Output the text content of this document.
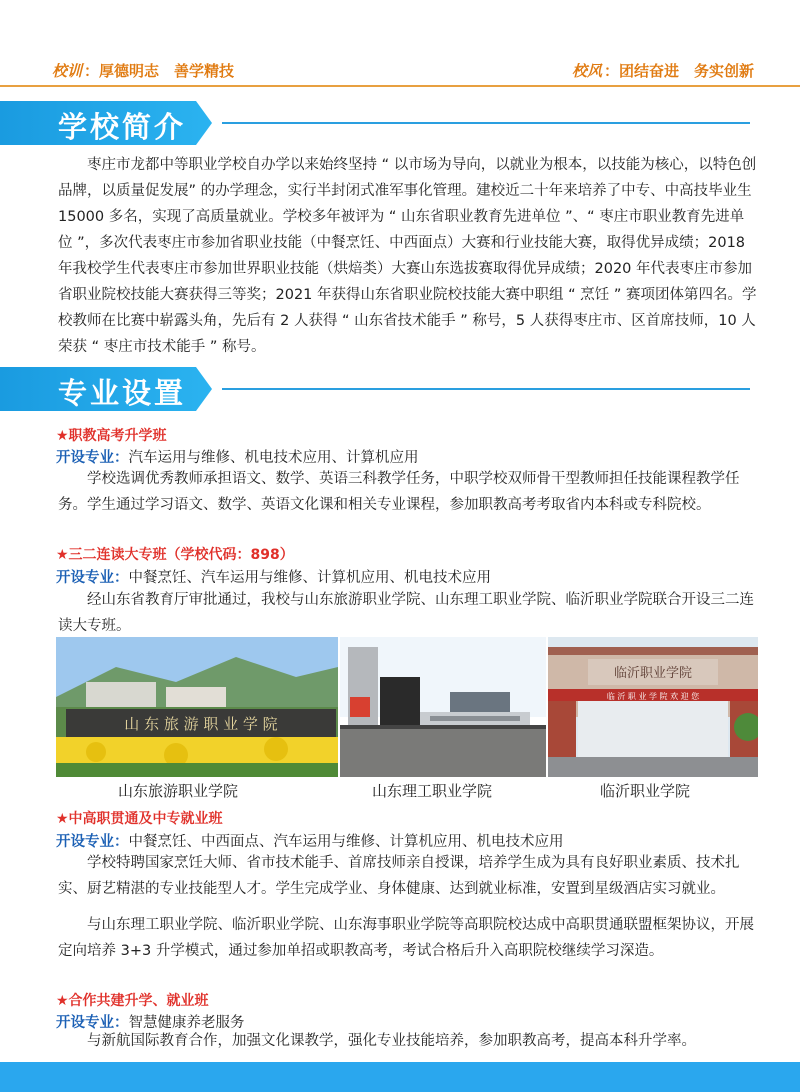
校训 ：厚德明志　善学精技	校风 ：团结奋进　务实创新
学校简介
枣庄市龙都中等职业学校自办学以来始终坚持 “ 以市场为导向，以就业为根本，以技能为核心，以特色创品牌，以质量促发展” 的办学理念，实行半封闭式准军事化管理。建校近二十年来培养了中专、中高技毕业生 15000 多名，实现了高质量就业。学校多年被评为 “ 山东省职业教育先进单位 ”、“ 枣庄市职业教育先进单位 ”，多次代表枣庄市参加省职业技能（中餐烹饪、中西面点）大赛和行业技能大赛，取得优异成绩；2018 年我校学生代表枣庄市参加世界职业技能（烘焙类）大赛山东选拔赛取得优异成绩；2020 年代表枣庄市参加省职业院校技能大赛获得三等奖；2021 年获得山东省职业院校技能大赛中职组 “ 烹饪 ” 赛项团体第四名。学校教师在比赛中崭露头角，先后有 2 人获得 “ 山东省技术能手 ” 称号，5 人获得枣庄市、区首席技师，10 人荣获 “ 枣庄市技术能手 ” 称号。
专业设置
★职教高考升学班
开设专业：汽车运用与维修、机电技术应用、计算机应用
学校选调优秀教师承担语文、数学、英语三科教学任务，中职学校双师骨干型教师担任技能课程教学任务。学生通过学习语文、数学、英语文化课和相关专业课程，参加职教高考考取省内本科或专科院校。
★三二连读大专班（学校代码：898）
开设专业：中餐烹饪、汽车运用与维修、计算机应用、机电技术应用
经山东省教育厅审批通过，我校与山东旅游职业学院、山东理工职业学院、临沂职业学院联合开设三二连读大专班。
山 东 旅 游 职 业 学 院
临沂职业学院
临 沂 职 业 学 院 欢 迎 您
山东旅游职业学院	山东理工职业学院	临沂职业学院
★中高职贯通及中专就业班
开设专业：中餐烹饪、中西面点、汽车运用与维修、计算机应用、机电技术应用
学校特聘国家烹饪大师、省市技术能手、首席技师亲自授课，培养学生成为具有良好职业素质、技术扎实、厨艺精湛的专业技能型人才。学生完成学业、身体健康、达到就业标准，安置到星级酒店实习就业。
与山东理工职业学院、临沂职业学院、山东海事职业学院等高职院校达成中高职贯通联盟框架协议，开展定向培养 3+3 升学模式，通过参加单招或职教高考，考试合格后升入高职院校继续学习深造。
★合作共建升学、就业班
开设专业：智慧健康养老服务
与新航国际教育合作，加强文化课教学，强化专业技能培养，参加职教高考，提高本科升学率。
